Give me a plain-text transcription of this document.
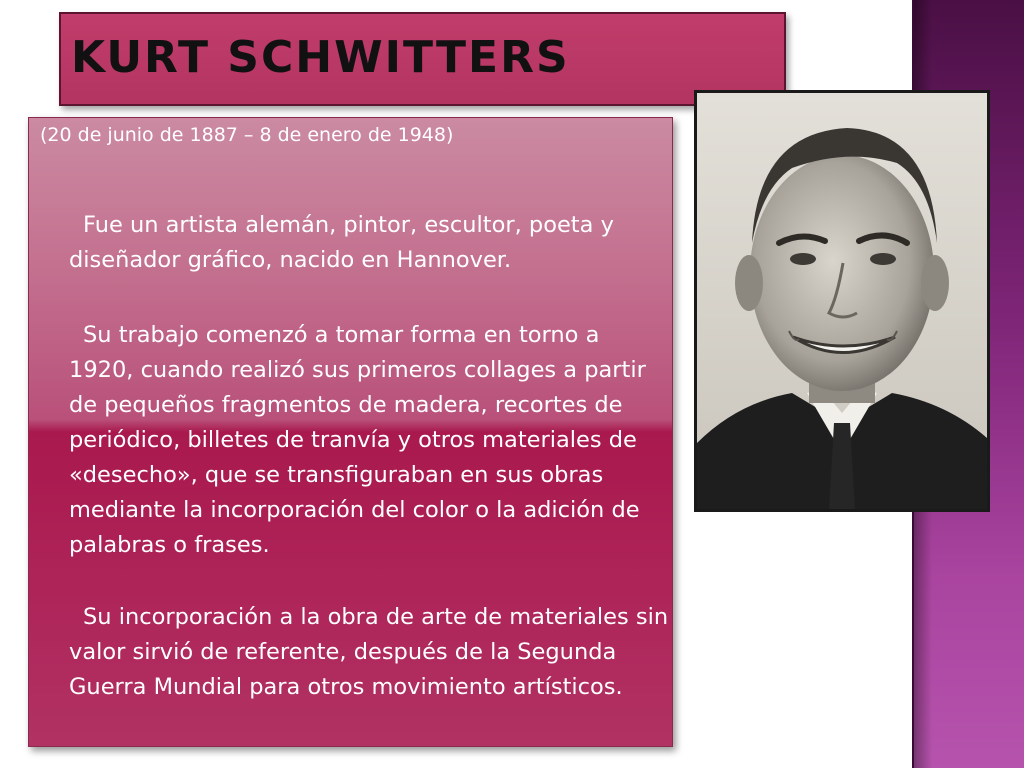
KURT SCHWITTERS

(20 de junio de 1887 – 8 de enero de 1948)

Fue un artista alemán, pintor, escultor, poeta y diseñador gráfico, nacido en Hannover.

Su trabajo comenzó a tomar forma en torno a 1920, cuando realizó sus primeros collages a partir de pequeños fragmentos de madera, recortes de periódico, billetes de tranvía y otros materiales de «desecho», que se transfiguraban en sus obras mediante la incorporación del color o la adición de palabras o frases.

Su incorporación a la obra de arte de materiales sin valor sirvió de referente, después de la Segunda Guerra Mundial para otros movimiento artísticos.
